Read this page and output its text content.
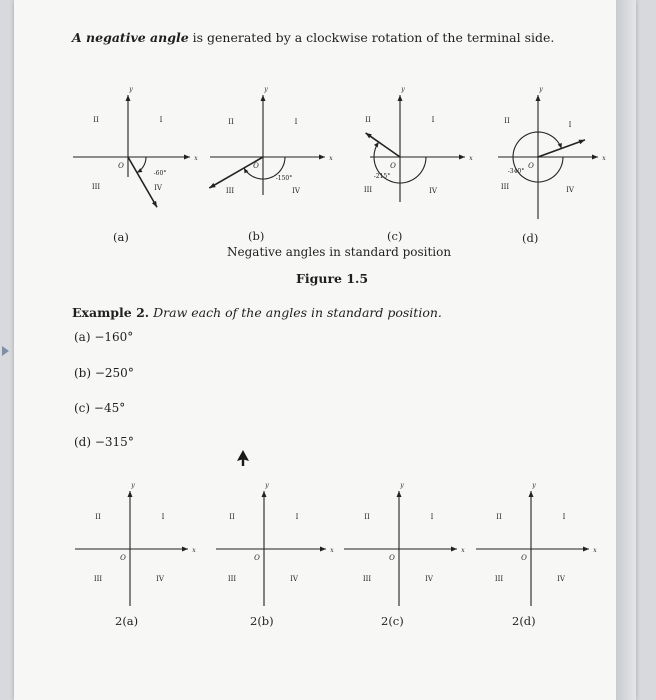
A negative angle is generated by a clockwise rotation of the terminal side.
x
y
O
I
II
III	IV
-60°
x
y
O
I
II
III	IV
-150°
x
y
O
I
II
III	IV
-215°
x
y
O
I
II
III	IV
-340°
x
y
O
I
II
III	IV
x
y
O
I
II
III	IV
x
y
O
I
II
III	IV
x
y
O
I
II
III	IV
(a)	(b)	(c)	(d)
Negative angles in standard position
Figure 1.5
Example 2. Draw each of the angles in standard position.
(a) −160°
(b) −250°
(c) −45°
(d) −315°
2(a)	2(b)	2(c)	2(d)
